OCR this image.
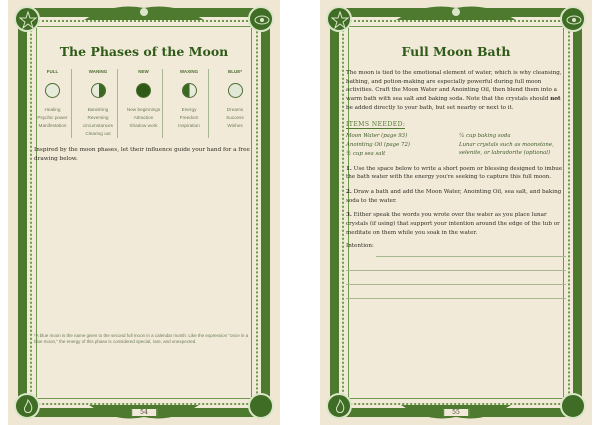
54
The Phases of the Moon
FULL
Healing
Psychic power
Manifestation
WANING
Banishing
Reversing circumstances
Clearing out
NEW
New beginnings
Attraction
Shadow work
WAXING
Energy
Freedom
Inspiration
BLUE*
Dreams
Success
Wishes

Inspired by the moon phases, let their influence guide your hand for a free drawing below.

*A blue moon is the name given to the second full moon in a calendar month. Like the expression "once in a blue moon," the energy of this phase is considered special, rare, and unexpected.

55
Full Moon Bath

The moon is tied to the emotional element of water, which is why cleansing, bathing, and potion-making are especially powerful during full moon activities. Craft the Moon Water and Anointing Oil, then blend them into a warm bath with sea salt and baking soda. Note that the crystals should not be added directly to your bath, but set nearby or next to it.

ITEMS NEEDED:
Moon Water (page 93)
Anointing Oil (page 72)
½ cup sea salt
¼ cup baking soda
Lunar crystals such as moonstone, selenite, or labradorite (optional)

1. Use the space below to write a short poem or blessing designed to imbue the bath water with the energy you're seeking to capture this full moon.

2. Draw a bath and add the Moon Water, Anointing Oil, sea salt, and baking soda to the water.

3. Either speak the words you wrote over the water as you place lunar crystals (if using) that support your intention around the edge of the tub or meditate on them while you soak in the water.

Intention:
